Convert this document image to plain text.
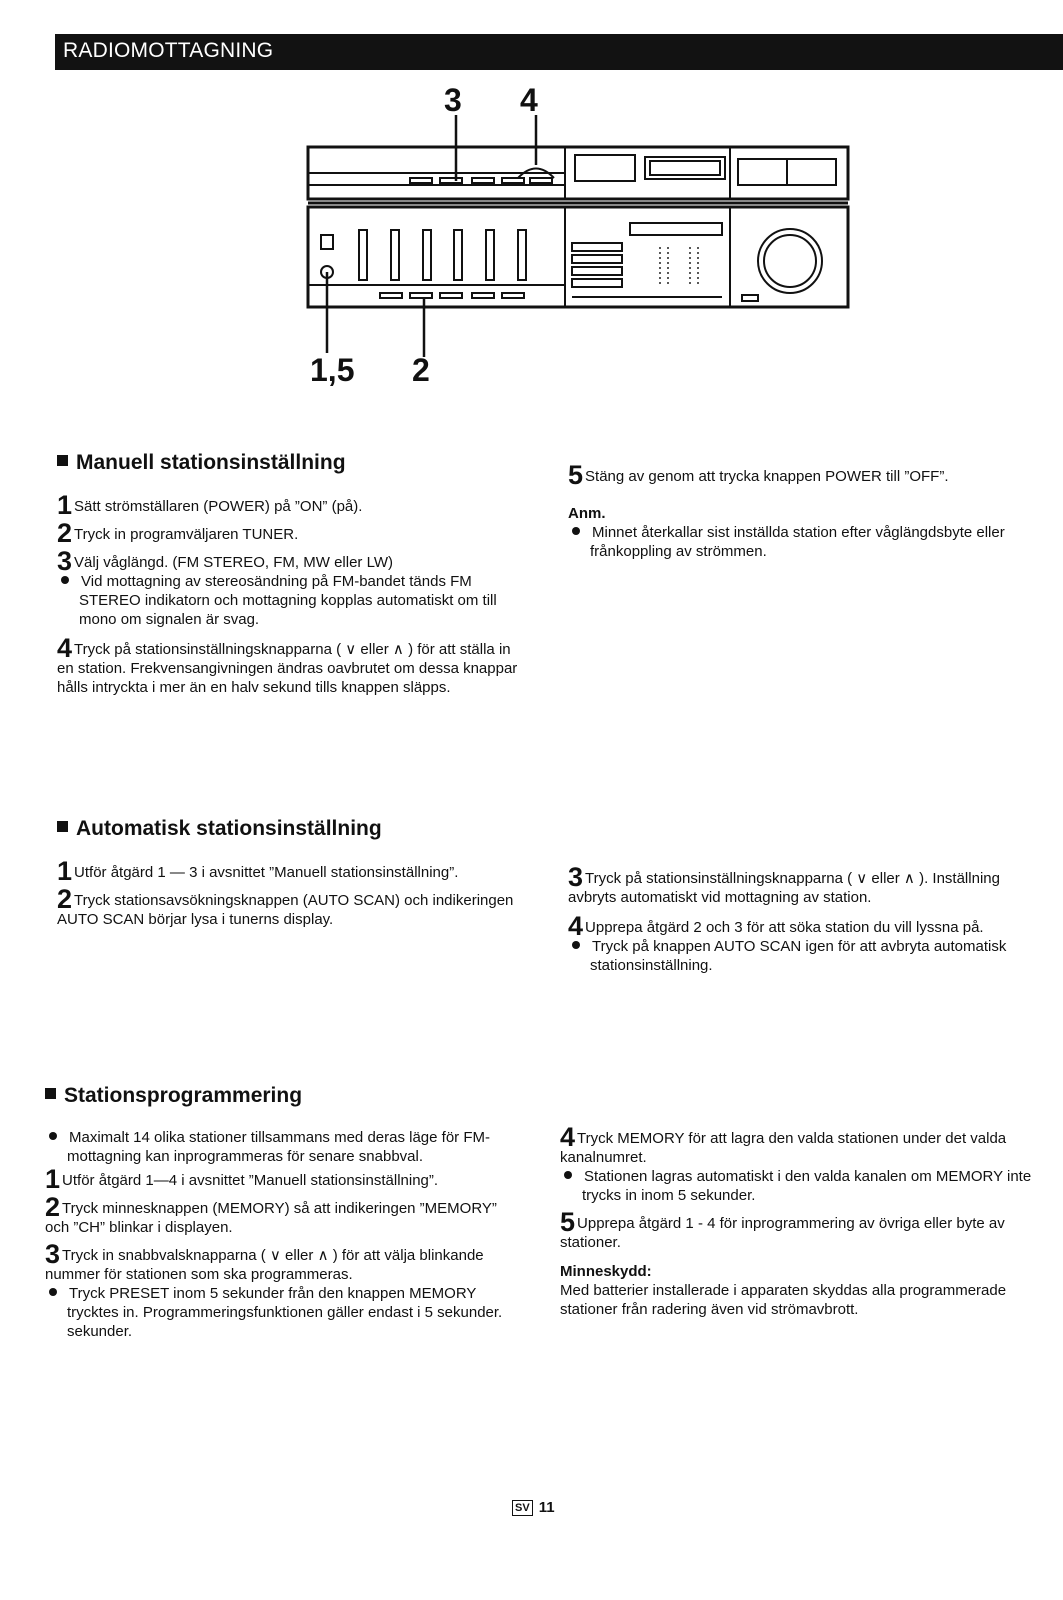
RADIOMOTTAGNING
3 4
1,5 2
Manuell stationsinställning

1 Sätt strömställaren (POWER) på ”ON” (på).

2 Tryck in programväljaren TUNER.

3 Välj våglängd. (FM STEREO, FM, MW eller LW)

Vid mottagning av stereosändning på FM-bandet tänds FM STEREO indikatorn och mottagning kopplas automatiskt om till mono om signalen är svag.

4 Tryck på stationsinställningsknapparna ( ∨ eller ∧ ) för att ställa in en station. Frekvensangivningen ändras oavbrutet om dessa knappar hålls intryckta i mer än en halv sekund tills knappen släpps.

5 Stäng av genom att trycka knappen POWER till ”OFF”.

Anm.

Minnet återkallar sist inställda station efter våglängdsbyte eller frånkoppling av strömmen.

Automatisk stationsinställning

1 Utför åtgärd 1 — 3 i avsnittet ”Manuell stationsinställning”.

2 Tryck stationsavsökningsknappen (AUTO SCAN) och indikeringen AUTO SCAN börjar lysa i tunerns display.

3 Tryck på stationsinställningsknapparna ( ∨ eller ∧ ). Inställning avbryts automatiskt vid mottagning av station.

4 Upprepa åtgärd 2 och 3 för att söka station du vill lyssna på.

Tryck på knappen AUTO SCAN igen för att avbryta automatisk stationsinställning.

Stationsprogrammering

Maximalt 14 olika stationer tillsammans med deras läge för FM- mottagning kan inprogrammeras för senare snabbval.

1 Utför åtgärd 1—4 i avsnittet ”Manuell stationsinställning”.

2 Tryck minnesknappen (MEMORY) så att indikeringen ”MEMORY” och ”CH” blinkar i displayen.

3 Tryck in snabbvalsknapparna ( ∨ eller ∧ ) för att välja blinkande nummer för stationen som ska programmeras.

Tryck PRESET inom 5 sekunder från den knappen MEMORY trycktes in. Programmeringsfunktionen gäller endast i 5 sekunder.

sekunder.

4 Tryck MEMORY för att lagra den valda stationen under det valda kanalnumret.

Stationen lagras automatiskt i den valda kanalen om MEMORY inte trycks in inom 5 sekunder.

5 Upprepa åtgärd 1 - 4 för inprogrammering av övriga eller byte av stationer.

Minneskydd:

Med batterier installerade i apparaten skyddas alla programmerade stationer från radering även vid strömavbrott.

SV 11
